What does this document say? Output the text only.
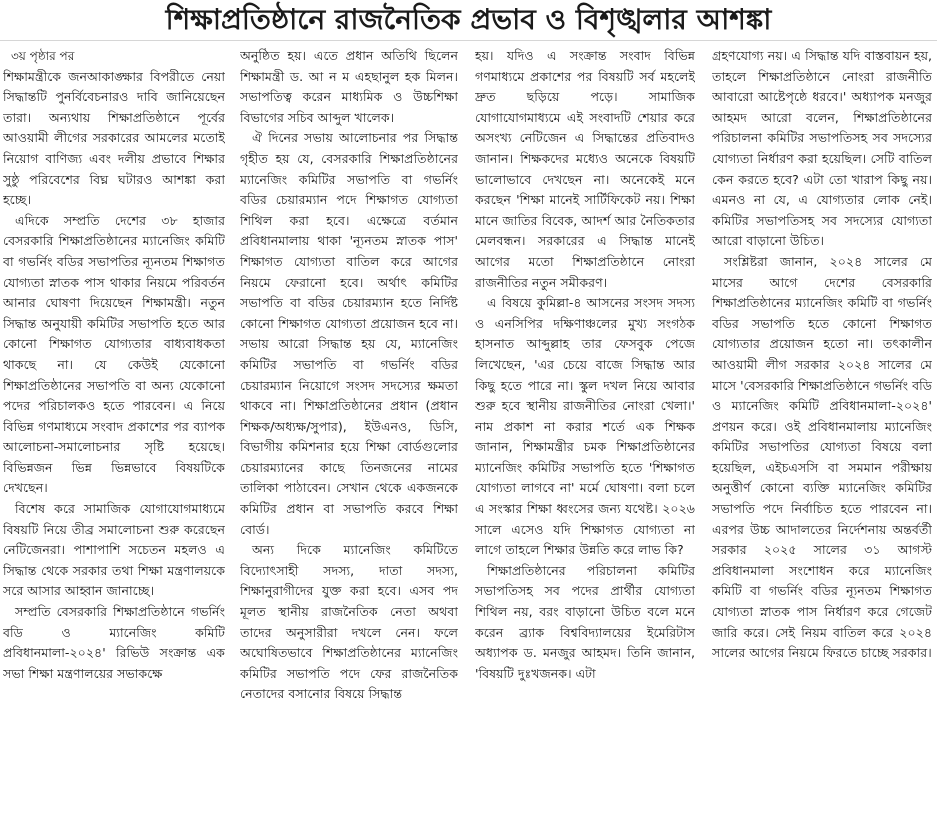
শিক্ষাপ্রতিষ্ঠানে রাজনৈতিক প্রভাব ও বিশৃঙ্খলার আশঙ্কা

৩য় পৃষ্ঠার পর

শিক্ষামন্ত্রীকে জনআকাঙ্ক্ষার বিপরীতে নেয়া সিদ্ধান্তটি পুনর্বিবেচনারও দাবি জানিয়েছেন তারা। অন্যথায় শিক্ষাপ্রতিষ্ঠানে পূর্বের আওয়ামী লীগের সরকারের আমলের মতোই নিয়োগ বাণিজ্য এবং দলীয় প্রভাবে শিক্ষার সুষ্ঠু পরিবেশের বিঘ্ন ঘটারও আশঙ্কা করা হচ্ছে।

এদিকে সম্প্রতি দেশের ৩৮ হাজার বেসরকারি শিক্ষাপ্রতিষ্ঠানের ম্যানেজিং কমিটি বা গভর্নিং বডির সভাপতির ন্যূনতম শিক্ষাগত যোগ্যতা স্নাতক পাস থাকার নিয়মে পরিবর্তন আনার ঘোষণা দিয়েছেন শিক্ষামন্ত্রী। নতুন সিদ্ধান্ত অনুযায়ী কমিটির সভাপতি হতে আর কোনো শিক্ষাগত যোগ্যতার বাধ্যবাধকতা থাকছে না। যে কেউই যেকোনো শিক্ষাপ্রতিষ্ঠানের সভাপতি বা অন্য যেকোনো পদের পরিচালকও হতে পারবেন। এ নিয়ে বিভিন্ন গণমাধ্যমে সংবাদ প্রকাশের পর ব্যাপক আলোচনা-সমালোচনার সৃষ্টি হয়েছে। বিভিন্নজন ভিন্ন ভিন্নভাবে বিষয়টিকে দেখছেন।

বিশেষ করে সামাজিক যোগাযোগমাধ্যমে বিষয়টি নিয়ে তীব্র সমালোচনা শুরু করেছেন নেটিজেনরা। পাশাপাশি সচেতন মহলও এ সিদ্ধান্ত থেকে সরকার তথা শিক্ষা মন্ত্রণালয়কে সরে আসার আহ্বান জানাচ্ছে।

সম্প্রতি বেসরকারি শিক্ষাপ্রতিষ্ঠানে গভর্নিং বডি ও ম্যানেজিং কমিটি প্রবিধানমালা-২০২৪' রিভিউ সংক্রান্ত এক সভা শিক্ষা মন্ত্রণালয়ের সভাকক্ষে

অনুষ্ঠিত হয়। এতে প্রধান অতিথি ছিলেন শিক্ষামন্ত্রী ড. আ ন ম এহছানুল হক মিলন। সভাপতিত্ব করেন মাধ্যমিক ও উচ্চশিক্ষা বিভাগের সচিব আব্দুল খালেক।

ঐ দিনের সভায় আলোচনার পর সিদ্ধান্ত গৃহীত হয় যে, বেসরকারি শিক্ষাপ্রতিষ্ঠানের ম্যানেজিং কমিটির সভাপতি বা গভর্নিং বডির চেয়ারম্যান পদে শিক্ষাগত যোগ্যতা শিথিল করা হবে। এক্ষেত্রে বর্তমান প্রবিধানমালায় থাকা 'ন্যূনতম স্নাতক পাস' শিক্ষাগত যোগ্যতা বাতিল করে আগের নিয়মে ফেরানো হবে। অর্থাৎ কমিটির সভাপতি বা বডির চেয়ারম্যান হতে নির্দিষ্ট কোনো শিক্ষাগত যোগ্যতা প্রয়োজন হবে না। সভায় আরো সিদ্ধান্ত হয় যে, ম্যানেজিং কমিটির সভাপতি বা গভর্নিং বডির চেয়ারম্যান নিয়োগে সংসদ সদস্যের ক্ষমতা থাকবে না। শিক্ষাপ্রতিষ্ঠানের প্রধান (প্রধান শিক্ষক/অধ্যক্ষ/সুপার), ইউএনও, ডিসি, বিভাগীয় কমিশনার হয়ে শিক্ষা বোর্ডগুলোর চেয়ারম্যানের কাছে তিনজনের নামের তালিকা পাঠাবেন। সেখান থেকে একজনকে কমিটির প্রধান বা সভাপতি করবে শিক্ষা বোর্ড।

অন্য দিকে ম্যানেজিং কমিটিতে বিদ্যোৎসাহী সদস্য, দাতা সদস্য, শিক্ষানুরাগীদের যুক্ত করা হবে। এসব পদ মূলত স্থানীয় রাজনৈতিক নেতা অথবা তাদের অনুসারীরা দখলে নেন। ফলে অঘোষিতভাবে শিক্ষাপ্রতিষ্ঠানের ম্যানেজিং কমিটির সভাপতি পদে ফের রাজনৈতিক নেতাদের বসানোর বিষয়ে সিদ্ধান্ত

হয়। যদিও এ সংক্রান্ত সংবাদ বিভিন্ন গণমাধ্যমে প্রকাশের পর বিষয়টি সর্ব মহলেই দ্রুত ছড়িয়ে পড়ে। সামাজিক যোগাযোগমাধ্যমে এই সংবাদটি শেয়ার করে অসংখ্য নেটিজেন এ সিদ্ধান্তের প্রতিবাদও জানান। শিক্ষকদের মধ্যেও অনেকে বিষয়টি ভালোভাবে দেখছেন না। অনেকেই মনে করছেন 'শিক্ষা মানেই সার্টিফিকেট নয়। শিক্ষা মানে জাতির বিবেক, আদর্শ আর নৈতিকতার মেলবন্ধন। সরকারের এ সিদ্ধান্ত মানেই আগের মতো শিক্ষাপ্রতিষ্ঠানে নোংরা রাজনীতির নতুন সমীকরণ।

এ বিষয়ে কুমিল্লা-৪ আসনের সংসদ সদস্য ও এনসিপির দক্ষিণাঞ্চলের মুখ্য সংগঠক হাসনাত আব্দুল্লাহ তার ফেসবুক পেজে লিখেছেন, 'এর চেয়ে বাজে সিদ্ধান্ত আর কিছু হতে পারে না। স্কুল দখল নিয়ে আবার শুরু হবে স্থানীয় রাজনীতির নোংরা খেলা।' নাম প্রকাশ না করার শর্তে এক শিক্ষক জানান, শিক্ষামন্ত্রীর চমক শিক্ষাপ্রতিষ্ঠানের ম্যানেজিং কমিটির সভাপতি হতে 'শিক্ষাগত যোগ্যতা লাগবে না' মর্মে ঘোষণা। বলা চলে এ সংস্কার শিক্ষা ধ্বংসের জন্য যথেষ্ট। ২০২৬ সালে এসেও যদি শিক্ষাগত যোগ্যতা না লাগে তাহলে শিক্ষার উন্নতি করে লাভ কি?

শিক্ষাপ্রতিষ্ঠানের পরিচালনা কমিটির সভাপতিসহ সব পদের প্রার্থীর যোগ্যতা শিথিল নয়, বরং বাড়ানো উচিত বলে মনে করেন ব্র্যাক বিশ্ববিদ্যালয়ের ইমেরিটাস অধ্যাপক ড. মনজুর আহমদ। তিনি জানান, 'বিষয়টি দুঃখজনক। এটা

গ্রহণযোগ্য নয়। এ সিদ্ধান্ত যদি বাস্তবায়ন হয়, তাহলে শিক্ষাপ্রতিষ্ঠানে নোংরা রাজনীতি আবারো আষ্টেপৃষ্ঠে ধরবে।' অধ্যাপক মনজুর আহমদ আরো বলেন, শিক্ষাপ্রতিষ্ঠানের পরিচালনা কমিটির সভাপতিসহ সব সদস্যের যোগ্যতা নির্ধারণ করা হয়েছিল। সেটি বাতিল কেন করতে হবে? এটা তো খারাপ কিছু নয়। এমনও না যে, এ যোগ্যতার লোক নেই। কমিটির সভাপতিসহ সব সদস্যের যোগ্যতা আরো বাড়ানো উচিত।

সংশ্লিষ্টরা জানান, ২০২৪ সালের মে মাসের আগে দেশের বেসরকারি শিক্ষাপ্রতিষ্ঠানের ম্যানেজিং কমিটি বা গভর্নিং বডির সভাপতি হতে কোনো শিক্ষাগত যোগ্যতার প্রয়োজন হতো না। তৎকালীন আওয়ামী লীগ সরকার ২০২৪ সালের মে মাসে 'বেসরকারি শিক্ষাপ্রতিষ্ঠানে গভর্নিং বডি ও ম্যানেজিং কমিটি প্রবিধানমালা-২০২৪' প্রণয়ন করে। ওই প্রবিধানমালায় ম্যানেজিং কমিটির সভাপতির যোগ্যতা বিষয়ে বলা হয়েছিল, এইচএসসি বা সমমান পরীক্ষায় অনুত্তীর্ণ কোনো ব্যক্তি ম্যানেজিং কমিটির সভাপতি পদে নির্বাচিত হতে পারবেন না। এরপর উচ্চ আদালতের নির্দেশনায় অন্তর্বর্তী সরকার ২০২৫ সালের ৩১ আগস্ট প্রবিধানমালা সংশোধন করে ম্যানেজিং কমিটি বা গভর্নিং বডির ন্যূনতম শিক্ষাগত যোগ্যতা স্নাতক পাস নির্ধারণ করে গেজেট জারি করে। সেই নিয়ম বাতিল করে ২০২৪ সালের আগের নিয়মে ফিরতে চাচ্ছে সরকার।
